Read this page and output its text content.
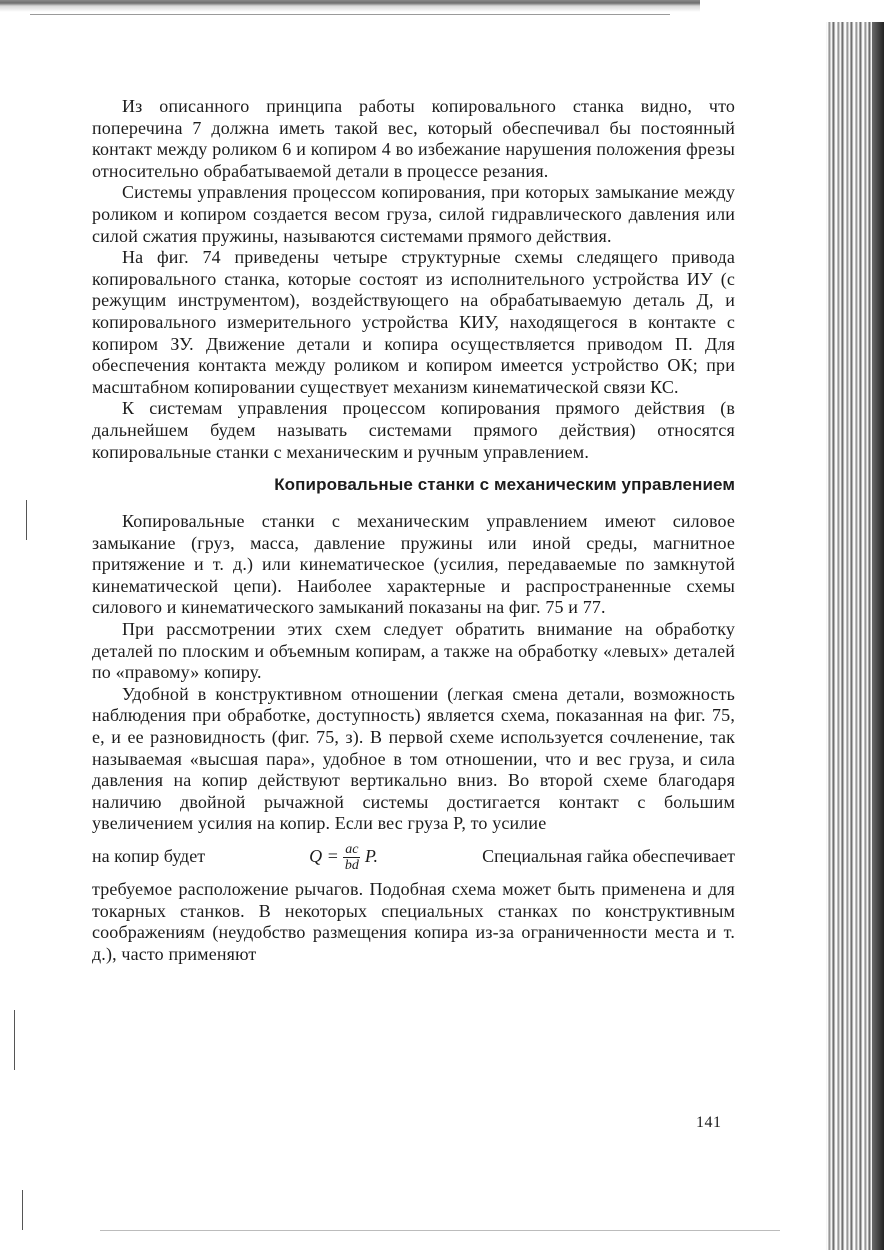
Из описанного принципа работы копировального станка видно, что поперечина 7 должна иметь такой вес, который обеспечивал бы постоянный контакт между роликом 6 и копиром 4 во избежание нарушения положения фрезы относительно обрабатываемой детали в процессе резания.

Системы управления процессом копирования, при которых замыкание между роликом и копиром создается весом груза, силой гидравлического давления или силой сжатия пружины, называются системами прямого действия.

На фиг. 74 приведены четыре структурные схемы следящего привода копировального станка, которые состоят из исполнительного устройства ИУ (с режущим инструментом), воздействующего на обрабатываемую деталь Д, и копировального измерительного устройства КИУ, находящегося в контакте с копиром ЗУ. Движение детали и копира осуществляется приводом П. Для обеспечения контакта между роликом и копиром имеется устройство ОК; при масштабном копировании существует механизм кинематической связи КС.

К системам управления процессом копирования прямого действия (в дальнейшем будем называть системами прямого действия) относятся копировальные станки с механическим и ручным управлением.

Копировальные станки с механическим управлением

Копировальные станки с механическим управлением имеют силовое замыкание (груз, масса, давление пружины или иной среды, магнитное притяжение и т. д.) или кинематическое (усилия, передаваемые по замкнутой кинематической цепи). Наиболее характерные и распространенные схемы силового и кинематического замыканий показаны на фиг. 75 и 77.

При рассмотрении этих схем следует обратить внимание на обработку деталей по плоским и объемным копирам, а также на обработку «левых» деталей по «правому» копиру.

Удобной в конструктивном отношении (легкая смена детали, возможность наблюдения при обработке, доступность) является схема, показанная на фиг. 75, е, и ее разновидность (фиг. 75, з). В первой схеме используется сочленение, так называемая «высшая пара», удобное в том отношении, что и вес груза, и сила давления на копир действуют вертикально вниз. Во второй схеме благодаря наличию двойной рычажной системы достигается контакт с большим увеличением усилия на копир. Если вес груза P, то усилие

на копир будет	$Q = \frac{ac}{bd} P$.	Специальная гайка обеспечивает

требуемое расположение рычагов. Подобная схема может быть применена и для токарных станков. В некоторых специальных станках по конструктивным соображениям (неудобство размещения копира из-за ограниченности места и т. д.), часто применяют

141
